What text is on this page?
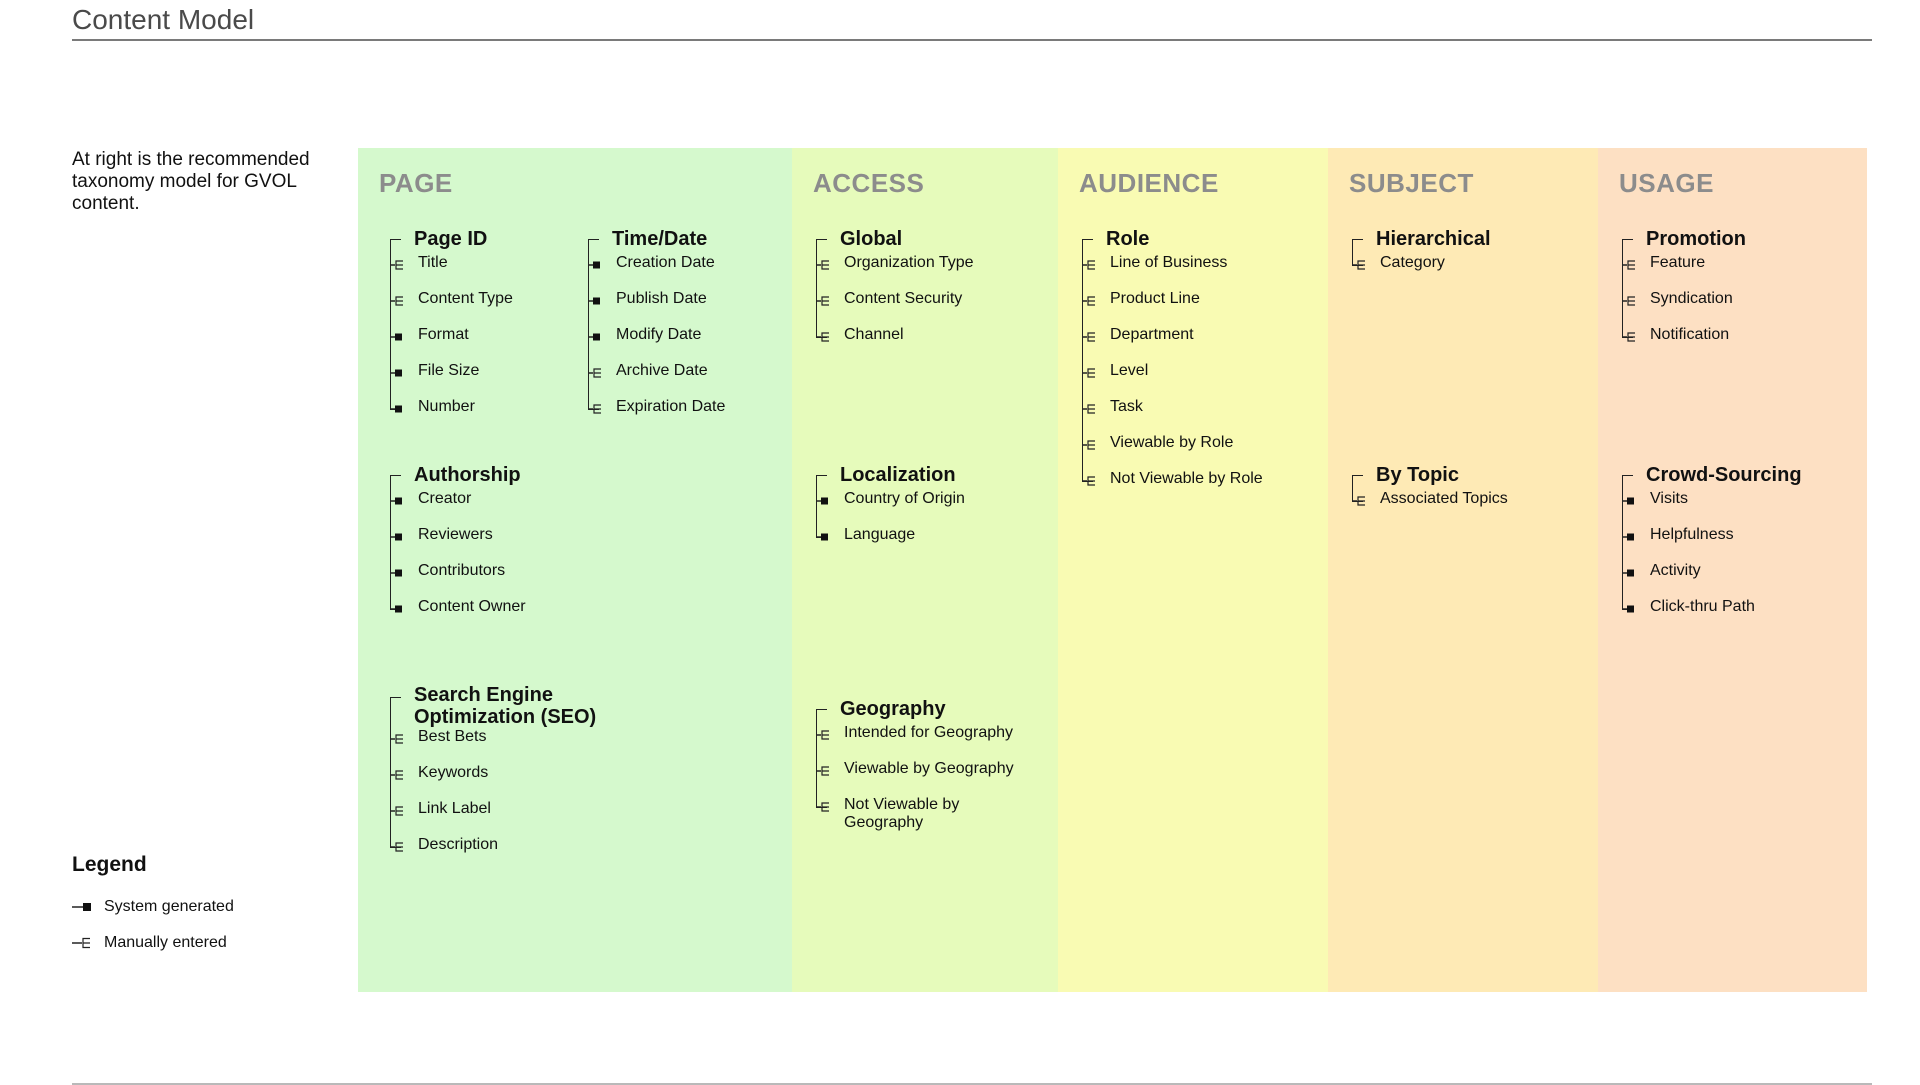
Content Model
At right is the recommended taxonomy model for GVOL content.
Legend
System generated
Manually entered
PAGE
Page ID
Title
Content Type
Format
File Size
Number
Time/Date
Creation Date
Publish Date
Modify Date
Archive Date
Expiration Date
Authorship
Creator
Reviewers
Contributors
Content Owner
Search Engine Optimization (SEO)
Best Bets
Keywords
Link Label
Description
ACCESS
Global
Organization Type
Content Security
Channel
Localization
Country of Origin
Language
Geography
Intended for Geography
Viewable by Geography
Not Viewable by Geography
AUDIENCE
Role
Line of Business
Product Line
Department
Level
Task
Viewable by Role
Not Viewable by Role
SUBJECT
Hierarchical
Category
By Topic
Associated Topics
USAGE
Promotion
Feature
Syndication
Notification
Crowd-Sourcing
Visits
Helpfulness
Activity
Click-thru Path
